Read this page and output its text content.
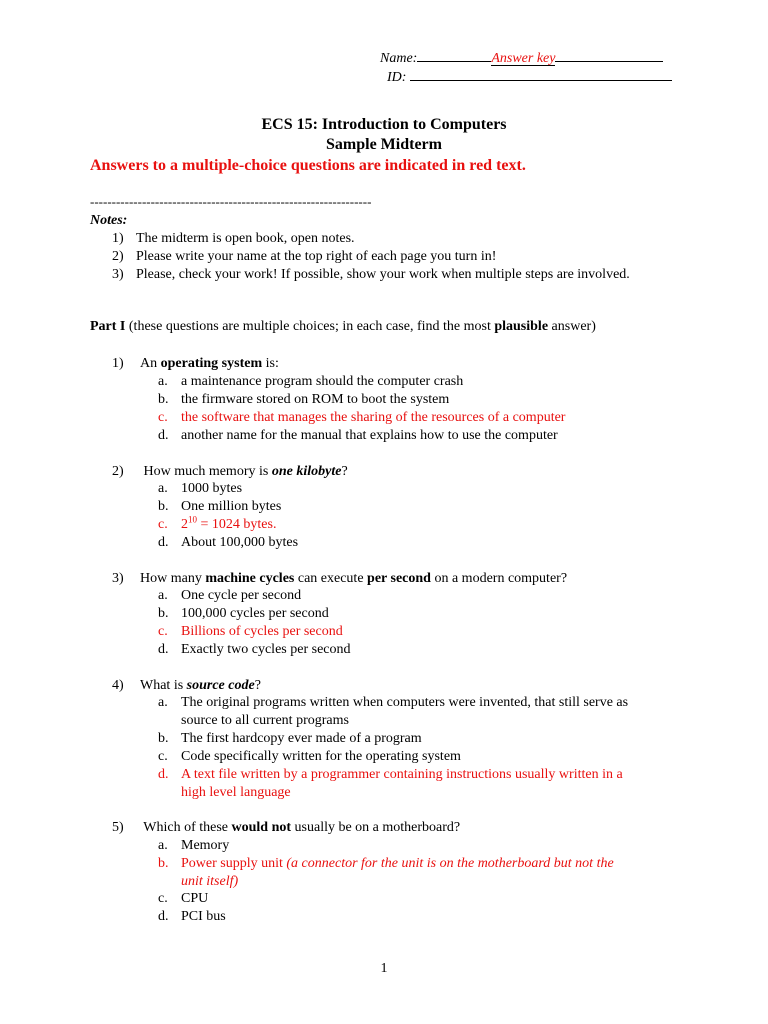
Name:	Answer key
ID:
ECS 15: Introduction to Computers
Sample Midterm
Answers to a multiple-choice questions are indicated in red text.
-----------------------------------------------------------------
Notes:
1) The midterm is open book, open notes.
2) Please write your name at the top right of each page you turn in!
3) Please, check your work! If possible, show your work when multiple steps are involved.
Part I (these questions are multiple choices; in each case, find the most plausible answer)
1) An operating system is:
a. a maintenance program should the computer crash
b. the firmware stored on ROM to boot the system
c. the software that manages the sharing of the resources of a computer
d. another name for the manual that explains how to use the computer
2) How much memory is one kilobyte?
a. 1000 bytes
b. One million bytes
c. $2^{10} = 1024$ bytes.
d. About 100,000 bytes
3) How many machine cycles can execute per second on a modern computer?
a. One cycle per second
b. 100,000 cycles per second
c. Billions of cycles per second
d. Exactly two cycles per second
4) What is source code?
a. The original programs written when computers were invented, that still serve as
source to all current programs
b. The first hardcopy ever made of a program
c. Code specifically written for the operating system
d. A text file written by a programmer containing instructions usually written in a
high level language
5) Which of these would not usually be on a motherboard?
a. Memory
b. Power supply unit (a connector for the unit is on the motherboard but not the
unit itself)
c. CPU
d. PCI bus
1
